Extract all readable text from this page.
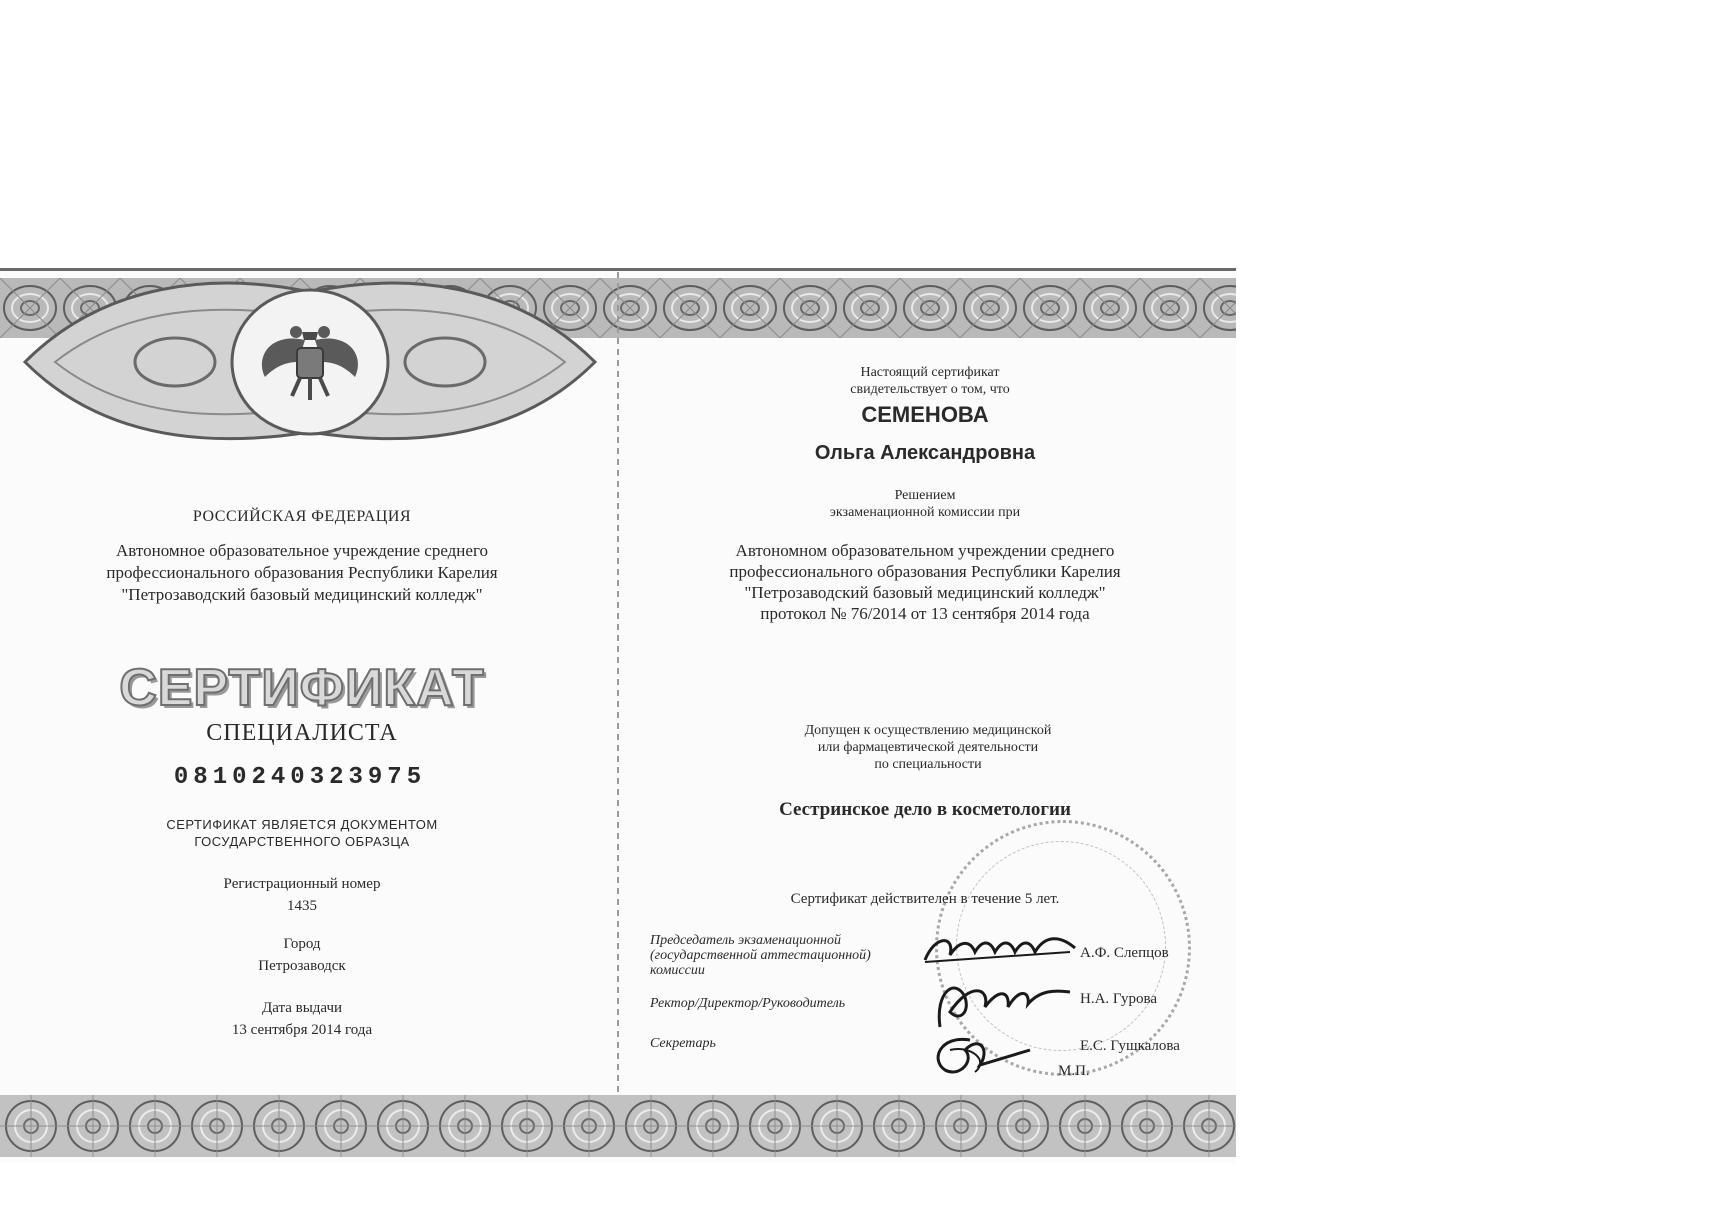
РОССИЙСКАЯ ФЕДЕРАЦИЯ
Автономное образовательное учреждение среднего
профессионального образования Республики Карелия
"Петрозаводский базовый медицинский колледж"
СЕРТИФИКАТ
СПЕЦИАЛИСТА
0810240323975
СЕРТИФИКАТ ЯВЛЯЕТСЯ ДОКУМЕНТОМ
ГОСУДАРСТВЕННОГО ОБРАЗЦА
Регистрационный номер
1435
Город
Петрозаводск
Дата выдачи
13 сентября 2014 года
Настоящий сертификат
свидетельствует о том, что
СЕМЕНОВА
Ольга Александровна
Решением
экзаменационной комиссии при
Автономном образовательном учреждении среднего
профессионального образования Республики Карелия
"Петрозаводский базовый медицинский колледж"
протокол № 76/2014 от 13 сентября 2014 года
Допущен к осуществлению медицинской
или фармацевтической деятельности
по специальности
Сестринское дело в косметологии
Сертификат действителен в течение 5 лет.
Председатель экзаменационной
(государственной аттестационной)
комиссии
А.Ф. Слепцов
Ректор/Директор/Руководитель	Н.А. Гурова
Секретарь	Е.С. Гушкалова
М.П.
